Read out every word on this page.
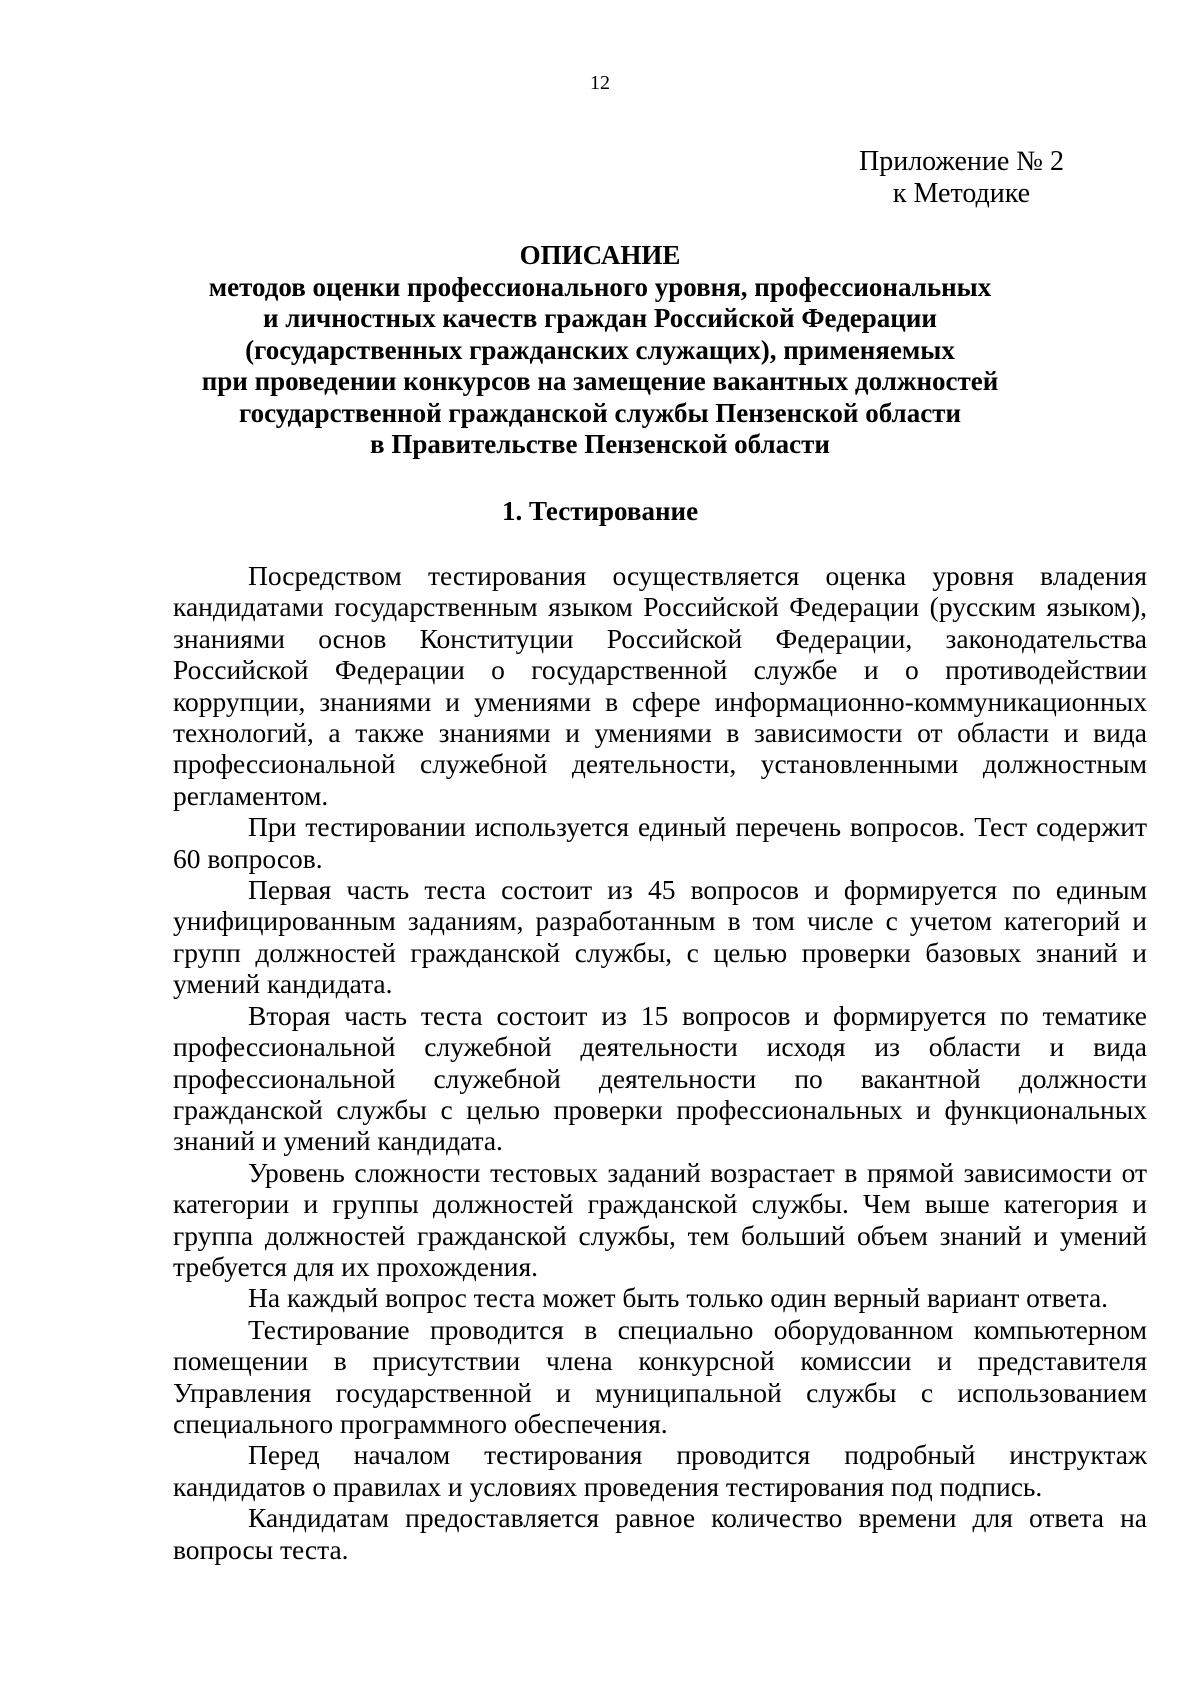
12
Приложение № 2
к Методике
ОПИСАНИЕ
методов оценки профессионального уровня, профессиональных
и личностных качеств граждан Российской Федерации
(государственных гражданских служащих), применяемых
при проведении конкурсов на замещение вакантных должностей
государственной гражданской службы Пензенской области
в Правительстве Пензенской области
1. Тестирование

Посредством тестирования осуществляется оценка уровня владения кандидатами государственным языком Российской Федерации (русским языком), знаниями основ Конституции Российской Федерации, законодательства Российской Федерации о государственной службе и о противодействии коррупции, знаниями и умениями в сфере информационно-коммуникационных технологий, а также знаниями и умениями в зависимости от области и вида профессиональной служебной деятельности, установленными должностным регламентом.

При тестировании используется единый перечень вопросов. Тест содержит 60 вопросов.

Первая часть теста состоит из 45 вопросов и формируется по единым унифицированным заданиям, разработанным в том числе с учетом категорий и групп должностей гражданской службы, с целью проверки базовых знаний и умений кандидата.

Вторая часть теста состоит из 15 вопросов и формируется по тематике профессиональной служебной деятельности исходя из области и вида профессиональной служебной деятельности по вакантной должности гражданской службы с целью проверки профессиональных и функциональных знаний и умений кандидата.

Уровень сложности тестовых заданий возрастает в прямой зависимости от категории и группы должностей гражданской службы. Чем выше категория и группа должностей гражданской службы, тем больший объем знаний и умений требуется для их прохождения.

На каждый вопрос теста может быть только один верный вариант ответа.

Тестирование проводится в специально оборудованном компьютерном помещении в присутствии члена конкурсной комиссии и представителя Управления государственной и муниципальной службы с использованием специального программного обеспечения.

Перед началом тестирования проводится подробный инструктаж кандидатов о правилах и условиях проведения тестирования под подпись.

Кандидатам предоставляется равное количество времени для ответа на вопросы теста.
